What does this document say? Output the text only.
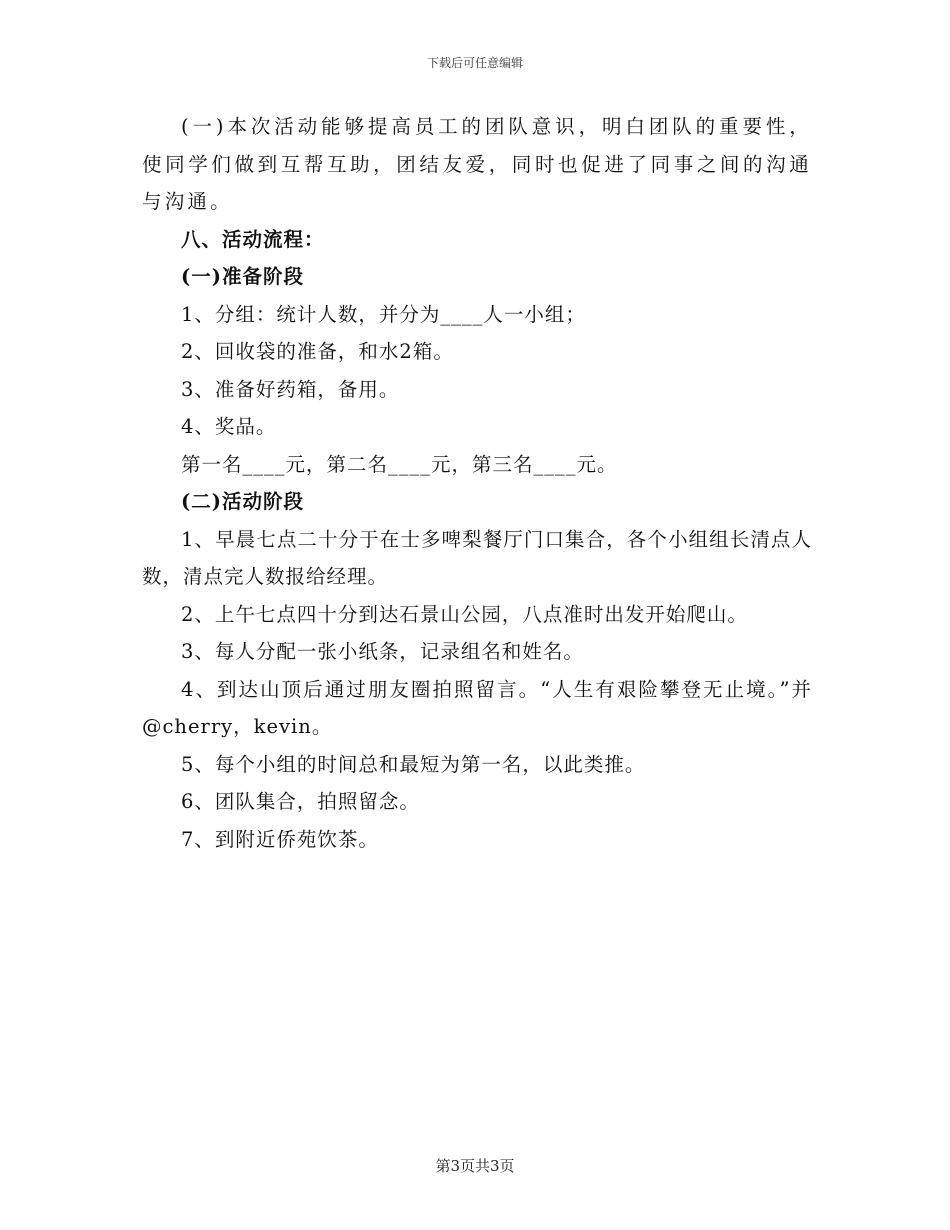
下载后可任意编辑

(一)本次活动能够提高员工的团队意识，明白团队的重要性，使同学们做到互帮互助，团结友爱，同时也促进了同事之间的沟通与沟通。

八、活动流程：

(一)准备阶段

1、分组：统计人数，并分为____人一小组；

2、回收袋的准备，和水2箱。

3、准备好药箱，备用。

4、奖品。

第一名____元，第二名____元，第三名____元。

(二)活动阶段

1、早晨七点二十分于在士多啤梨餐厅门口集合，各个小组组长清点人数，清点完人数报给经理。

2、上午七点四十分到达石景山公园，八点准时出发开始爬山。

3、每人分配一张小纸条，记录组名和姓名。

4、到达山顶后通过朋友圈拍照留言。“人生有艰险攀登无止境。”并@cherry，kevin。

5、每个小组的时间总和最短为第一名，以此类推。

6、团队集合，拍照留念。

7、到附近侨苑饮茶。

第3页共3页
